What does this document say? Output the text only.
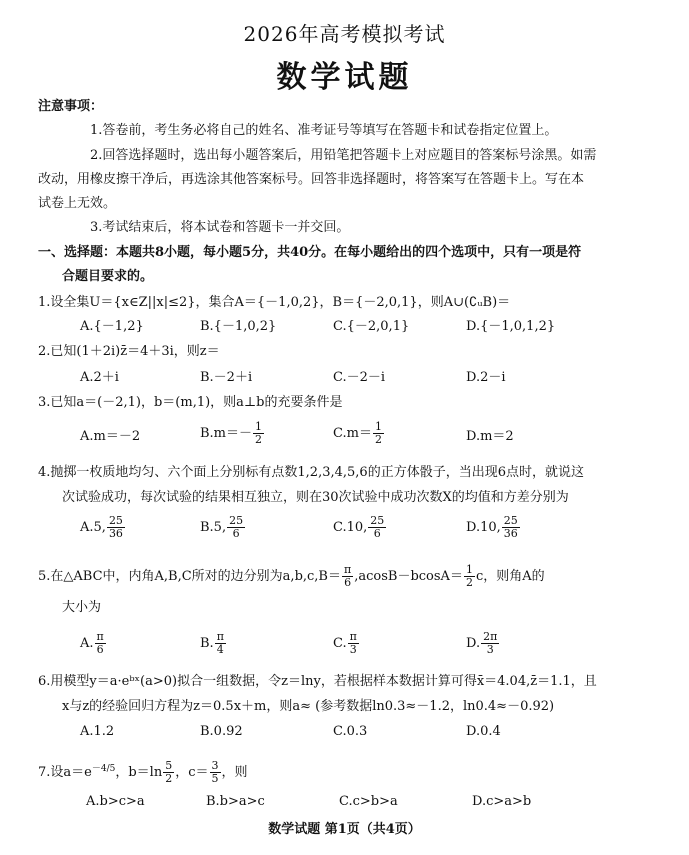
2026年高考模拟考试
数学试题
注意事项：
1.答卷前，考生务必将自己的姓名、准考证号等填写在答题卡和试卷指定位置上。
2.回答选择题时，选出每小题答案后，用铅笔把答题卡上对应题目的答案标号涂黑。如需
改动，用橡皮擦干净后，再选涂其他答案标号。回答非选择题时，将答案写在答题卡上。写在本
试卷上无效。
3.考试结束后，将本试卷和答题卡一并交回。
一、选择题：本题共8小题，每小题5分，共40分。在每小题给出的四个选项中，只有一项是符
合题目要求的。
1.设全集U＝{x∈Z||x|≤2}，集合A＝{－1,0,2}，B＝{－2,0,1}，则A∪(∁ᵤB)＝
A.{－1,2}	B.{－1,0,2}	C.{－2,0,1}	D.{－1,0,1,2}
2.已知(1＋2i)z̄＝4＋3i，则z＝
A.2＋i	B.－2＋i	C.－2－i	D.2－i
3.已知a＝(－2,1)，b＝(m,1)，则a⊥b的充要条件是
A.m＝－2	$B.m=- \frac{1}{2}$	$C.m= \frac{1}{2}$	D.m＝2
4.抛掷一枚质地均匀、六个面上分别标有点数1,2,3,4,5,6的正方体骰子，当出现6点时，就说这
次试验成功，每次试验的结果相互独立，则在30次试验中成功次数X的均值和方差分别为
A.5, $\frac{25}{36}$	B.5, $\frac{25}{6}$	C.10, $\frac{25}{6}$	D.10, $\frac{25}{36}$
5.在△ABC中，内角A,B,C所对的边分别为$a,b,c,B= \frac{\pi}{6} ,acosB-bcosA= \frac{1}{2}$ c，则角A的
大小为
A. $\frac{\pi}{6}$	B. $\frac{\pi}{4}$	C. $\frac{\pi}{3}$	D. $\frac{2\pi}{3}$
6.用模型y＝a·eᵇˣ(a>0)拟合一组数据，令z＝lny，若根据样本数据计算可得x̄＝4.04,z̄＝1.1，且
x与z的经验回归方程为z＝0.5x＋m，则a≈ (参考数据ln0.3≈－1.2，ln0.4≈－0.92)
A.1.2	B.0.92	C.0.3	D.0.4
7.设$a=e^{-4/5}$，$b=\ln \frac{5}{2}$ ，$c= \frac{3}{5}$ ，则
A.b>c>a	B.b>a>c	C.c>b>a	D.c>a>b
数学试题 第1页（共4页）
